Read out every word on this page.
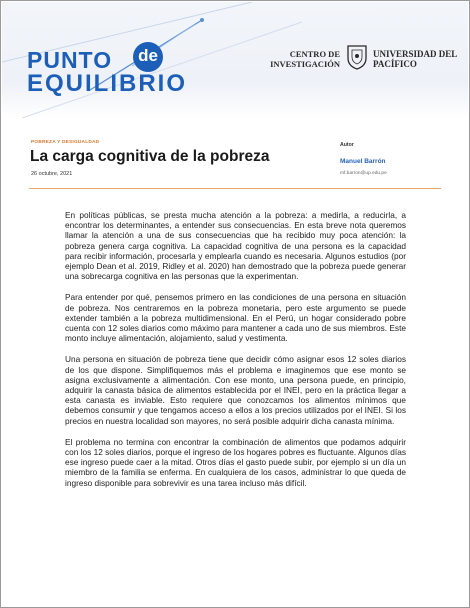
PUNTO de
EQUILIBRIO
CENTRO DE INVESTIGACIÓN
UNIVERSIDAD DEL PACÍFICO
POBREZA Y DESIGUALDAD
La carga cognitiva de la pobreza
26 octubre, 2021
Autor
Manuel Barrón
mf.barron@up.edu.pe

En políticas públicas, se presta mucha atención a la pobreza: a medirla, a reducirla, a encontrar los determinantes, a entender sus consecuencias. En esta breve nota queremos llamar la atención a una de sus consecuencias que ha recibido muy poca atención: la pobreza genera carga cognitiva. La capacidad cognitiva de una persona es la capacidad para recibir información, procesarla y emplearla cuando es necesaria. Algunos estudios (por ejemplo Dean et al. 2019, Ridley et al. 2020) han demostrado que la pobreza puede generar una sobrecarga cognitiva en las personas que la experimentan.

Para entender por qué, pensemos primero en las condiciones de una persona en situación de pobreza. Nos centraremos en la pobreza monetaria, pero este argumento se puede extender también a la pobreza multidimensional. En el Perú, un hogar considerado pobre cuenta con 12 soles diarios como máximo para mantener a cada uno de sus miembros. Este monto incluye alimentación, alojamiento, salud y vestimenta.

Una persona en situación de pobreza tiene que decidir cómo asignar esos 12 soles diarios de los que dispone. Simplifiquemos más el problema e imaginemos que ese monto se asigna exclusivamente a alimentación. Con ese monto, una persona puede, en principio, adquirir la canasta básica de alimentos establecida por el INEI, pero en la práctica llegar a esta canasta es inviable. Esto requiere que conozcamos los alimentos mínimos que debemos consumir y que tengamos acceso a ellos a los precios utilizados por el INEI. Si los precios en nuestra localidad son mayores, no será posible adquirir dicha canasta mínima.

El problema no termina con encontrar la combinación de alimentos que podamos adquirir con los 12 soles diarios, porque el ingreso de los hogares pobres es fluctuante. Algunos días ese ingreso puede caer a la mitad. Otros días el gasto puede subir, por ejemplo si un día un miembro de la familia se enferma. En cualquiera de los casos, administrar lo que queda de ingreso disponible para sobrevivir es una tarea incluso más difícil.
